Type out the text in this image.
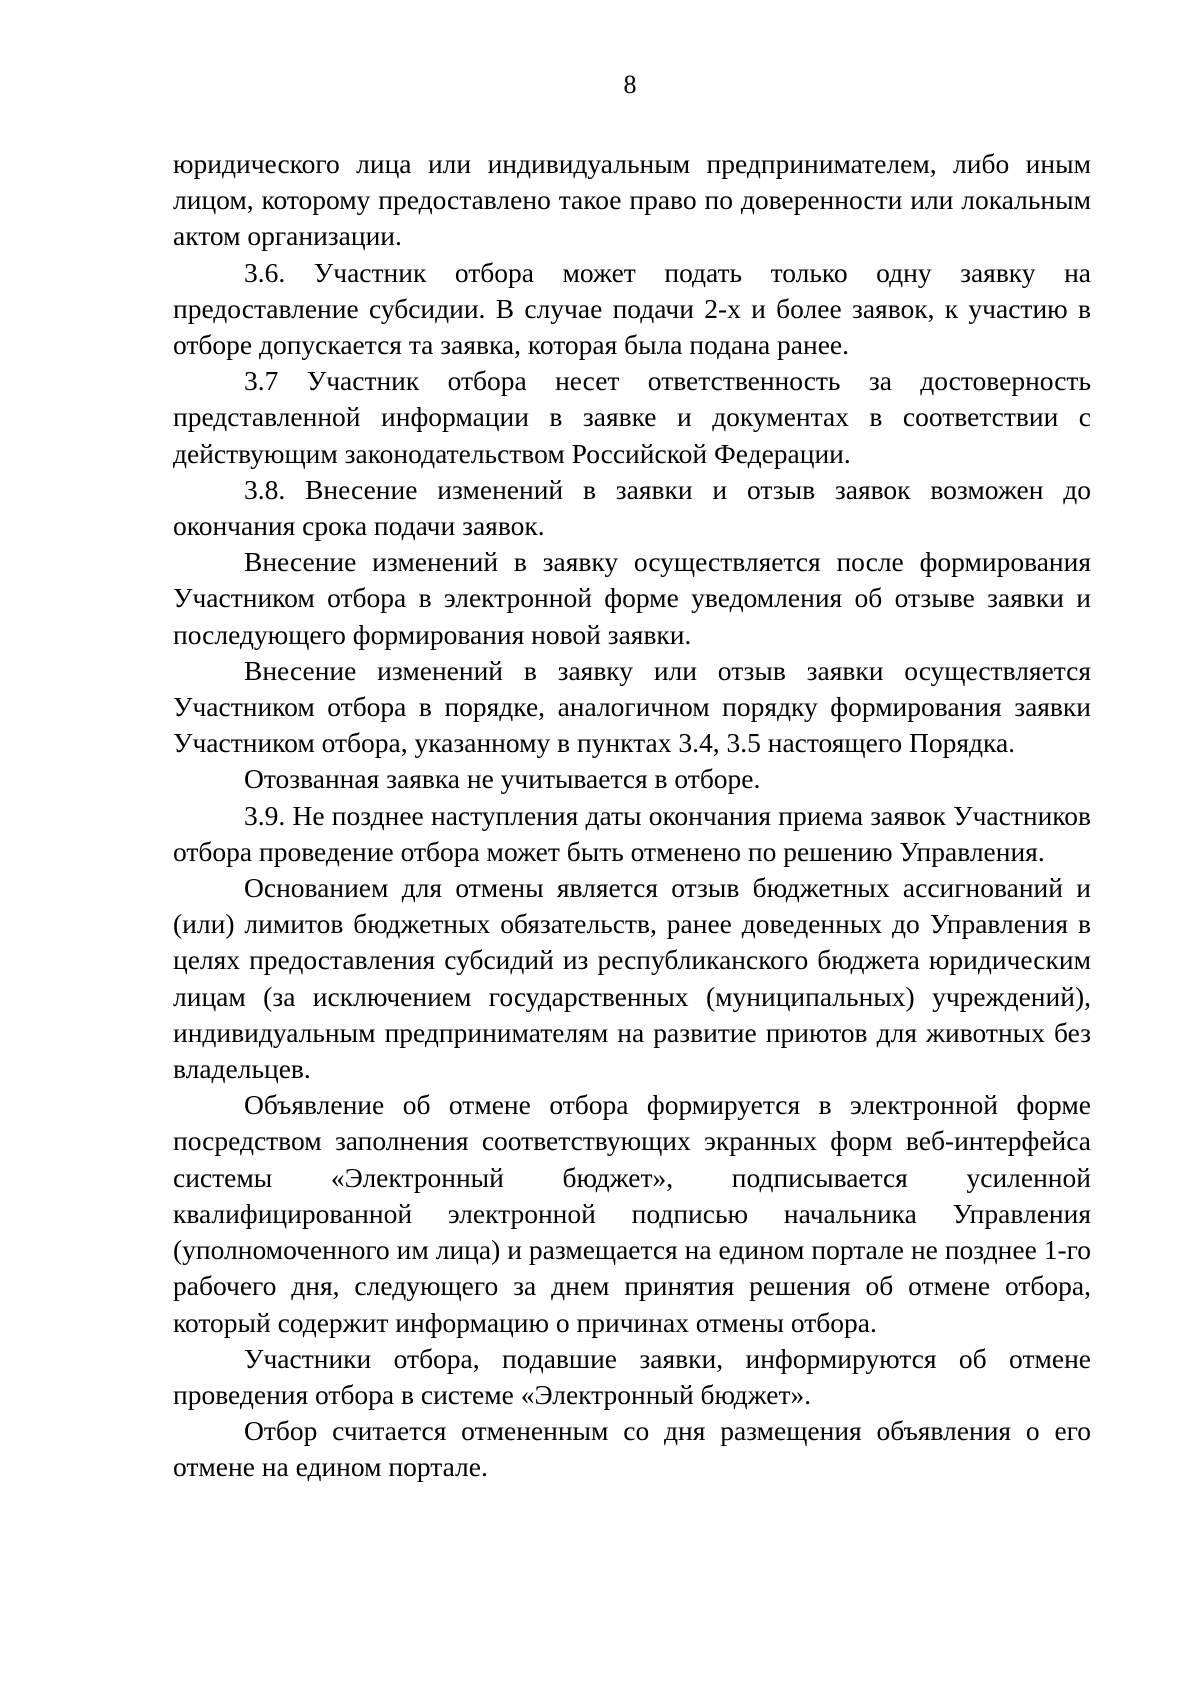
8

юридического лица или индивидуальным предпринимателем, либо иным лицом, которому предоставлено такое право по доверенности или локальным актом организации.

3.6. Участник отбора может подать только одну заявку на предоставление субсидии. В случае подачи 2-х и более заявок, к участию в отборе допускается та заявка, которая была подана ранее.

3.7 Участник отбора несет ответственность за достоверность представленной информации в заявке и документах в соответствии с действующим законодательством Российской Федерации.

3.8. Внесение изменений в заявки и отзыв заявок возможен до окончания срока подачи заявок.

Внесение изменений в заявку осуществляется после формирования Участником отбора в электронной форме уведомления об отзыве заявки и последующего формирования новой заявки.

Внесение изменений в заявку или отзыв заявки осуществляется Участником отбора в порядке, аналогичном порядку формирования заявки Участником отбора, указанному в пунктах 3.4, 3.5 настоящего Порядка.

Отозванная заявка не учитывается в отборе.

3.9. Не позднее наступления даты окончания приема заявок Участников отбора проведение отбора может быть отменено по решению Управления.

Основанием для отмены является отзыв бюджетных ассигнований и (или) лимитов бюджетных обязательств, ранее доведенных до Управления в целях предоставления субсидий из республиканского бюджета юридическим лицам (за исключением государственных (муниципальных) учреждений), индивидуальным предпринимателям на развитие приютов для животных без владельцев.

Объявление об отмене отбора формируется в электронной форме посредством заполнения соответствующих экранных форм веб-интерфейса системы «Электронный бюджет», подписывается усиленной квалифицированной электронной подписью начальника Управления (уполномоченного им лица) и размещается на едином портале не позднее 1-го рабочего дня, следующего за днем принятия решения об отмене отбора, который содержит информацию о причинах отмены отбора.

Участники отбора, подавшие заявки, информируются об отмене проведения отбора в системе «Электронный бюджет».

Отбор считается отмененным со дня размещения объявления о его отмене на едином портале.
